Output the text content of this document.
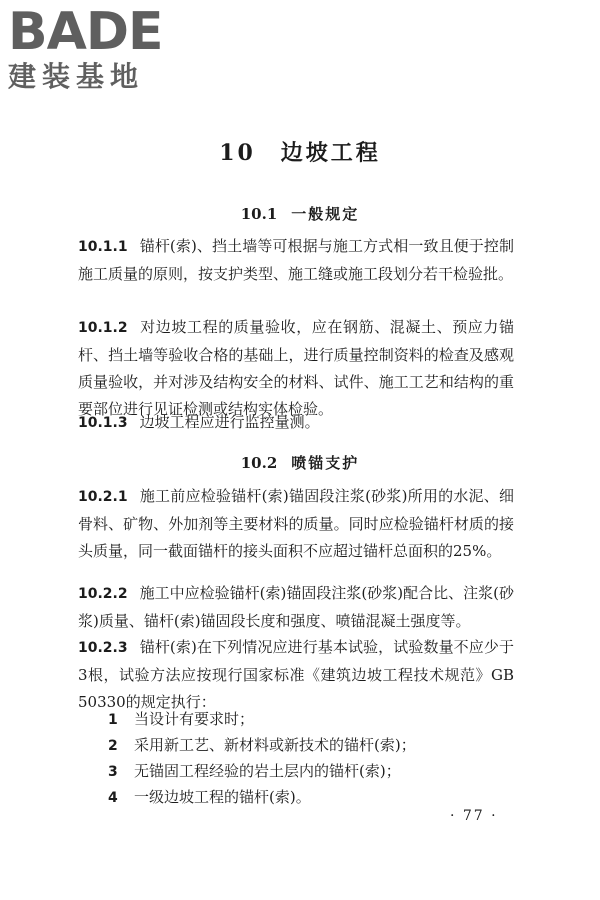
BADE
建装基地
10　边坡工程
10.1 一般规定
10.1.1 锚杆(索)、挡土墙等可根据与施工方式相一致且便于控制施工质量的原则，按支护类型、施工缝或施工段划分若干检验批。
10.1.2 对边坡工程的质量验收，应在钢筋、混凝土、预应力锚杆、挡土墙等验收合格的基础上，进行质量控制资料的检查及感观质量验收，并对涉及结构安全的材料、试件、施工工艺和结构的重要部位进行见证检测或结构实体检验。
10.1.3 边坡工程应进行监控量测。
10.2 喷锚支护
10.2.1 施工前应检验锚杆(索)锚固段注浆(砂浆)所用的水泥、细骨料、矿物、外加剂等主要材料的质量。同时应检验锚杆材质的接头质量，同一截面锚杆的接头面积不应超过锚杆总面积的25%。
10.2.2 施工中应检验锚杆(索)锚固段注浆(砂浆)配合比、注浆(砂浆)质量、锚杆(索)锚固段长度和强度、喷锚混凝土强度等。
10.2.3 锚杆(索)在下列情况应进行基本试验，试验数量不应少于3根，试验方法应按现行国家标准《建筑边坡工程技术规范》GB 50330的规定执行：
1 当设计有要求时；
2 采用新工艺、新材料或新技术的锚杆(索)；
3 无锚固工程经验的岩土层内的锚杆(索)；
4 一级边坡工程的锚杆(索)。
· 77 ·
